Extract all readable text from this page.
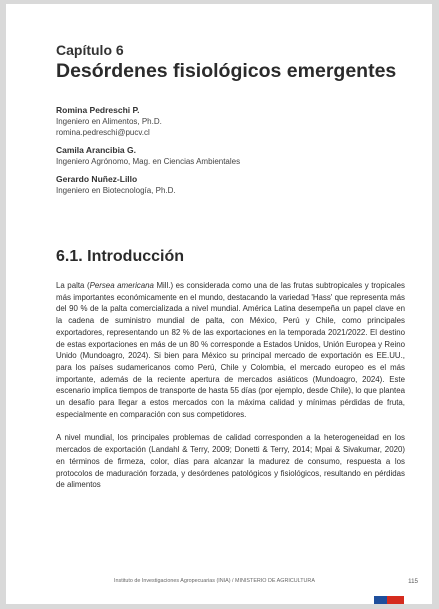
Capítulo 6
Desórdenes fisiológicos emergentes
Romina Pedreschi P.
Ingeniero en Alimentos, Ph.D.
romina.pedreschi@pucv.cl
Camila Arancibia G.
Ingeniero Agrónomo, Mag. en Ciencias Ambientales
Gerardo Nuñez-Lillo
Ingeniero en Biotecnología, Ph.D.
6.1. Introducción

La palta (Persea americana Mill.) es considerada como una de las frutas subtropicales y tropicales más importantes económicamente en el mundo, destacando la variedad 'Hass' que representa más del 90 % de la palta comercializada a nivel mundial. América Latina desempeña un papel clave en la cadena de suministro mundial de palta, con México, Perú y Chile, como principales exportadores, representando un 82 % de las exportaciones en la temporada 2021/2022. El destino de estas exportaciones en más de un 80 % corresponde a Estados Unidos, Unión Europea y Reino Unido (Mundoagro, 2024). Si bien para México su principal mercado de exportación es EE.UU., para los países sudamericanos como Perú, Chile y Colombia, el mercado europeo es el más importante, además de la reciente apertura de mercados asiáticos (Mundoagro, 2024). Este escenario implica tiempos de transporte de hasta 55 días (por ejemplo, desde Chile), lo que plantea un desafío para llegar a estos mercados con la máxima calidad y mínimas pérdidas de fruta, especialmente en comparación con sus competidores.

A nivel mundial, los principales problemas de calidad corresponden a la heterogeneidad en los mercados de exportación (Landahl & Terry, 2009; Donetti & Terry, 2014; Mpai & Sivakumar, 2020) en términos de firmeza, color, días para alcanzar la madurez de consumo, respuesta a los protocolos de maduración forzada, y desórdenes patológicos y fisiológicos, resultando en pérdidas de alimentos

Instituto de Investigaciones Agropecuarias (INIA) / MINISTERIO DE AGRICULTURA	115
